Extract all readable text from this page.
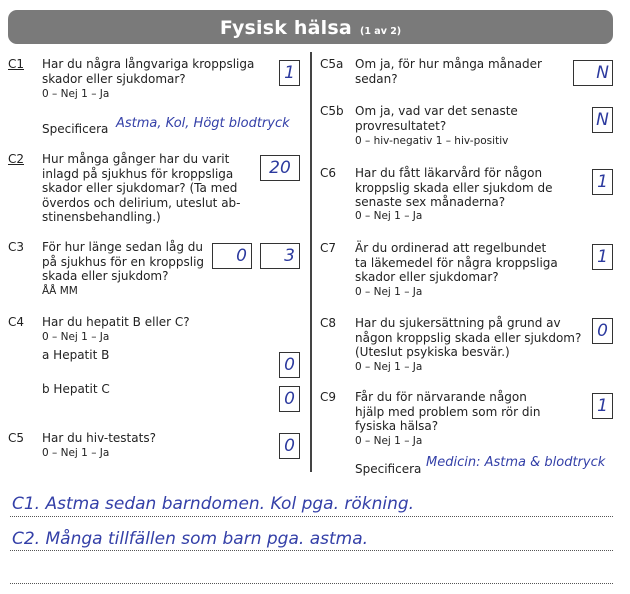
Fysisk hälsa (1 av 2)
C1 Har du några långvariga kroppsliga
skador eller sjukdomar?
0 – Nej 1 – Ja
1
Specificera Astma, Kol, Högt blodtryck
C2 Hur många gånger har du varit
inlagd på sjukhus för kroppsliga
skador eller sjukdomar? (Ta med
överdos och delirium, uteslut ab-
stinensbehandling.)
20
C3 För hur länge sedan låg du
på sjukhus för en kroppslig
skada eller sjukdom?
ÅÅ MM
0	3
C4 Har du hepatit B eller C?
0 – Nej 1 – Ja
a Hepatit B	0
b Hepatit C	0
C5 Har du hiv-testats?
0 – Nej 1 – Ja	0
C5a Om ja, för hur många månader
sedan?	N
C5b Om ja, vad var det senaste
provresultatet?
0 – hiv-negativ 1 – hiv-positiv
N
C6 Har du fått läkarvård för någon
kroppslig skada eller sjukdom de
senaste sex månaderna?
0 – Nej 1 – Ja
1
C7 Är du ordinerad att regelbundet
ta läkemedel för några kroppsliga
skador eller sjukdomar?
0 – Nej 1 – Ja
1
C8 Har du sjukersättning på grund av
någon kroppslig skada eller sjukdom?
(Uteslut psykiska besvär.)
0 – Nej 1 – Ja
0
C9 Får du för närvarande någon
hjälp med problem som rör din
fysiska hälsa?
0 – Nej 1 – Ja
1
Specificera Medicin: Astma & blodtryck
C1. Astma sedan barndomen. Kol pga. rökning.
C2. Många tillfällen som barn pga. astma.
